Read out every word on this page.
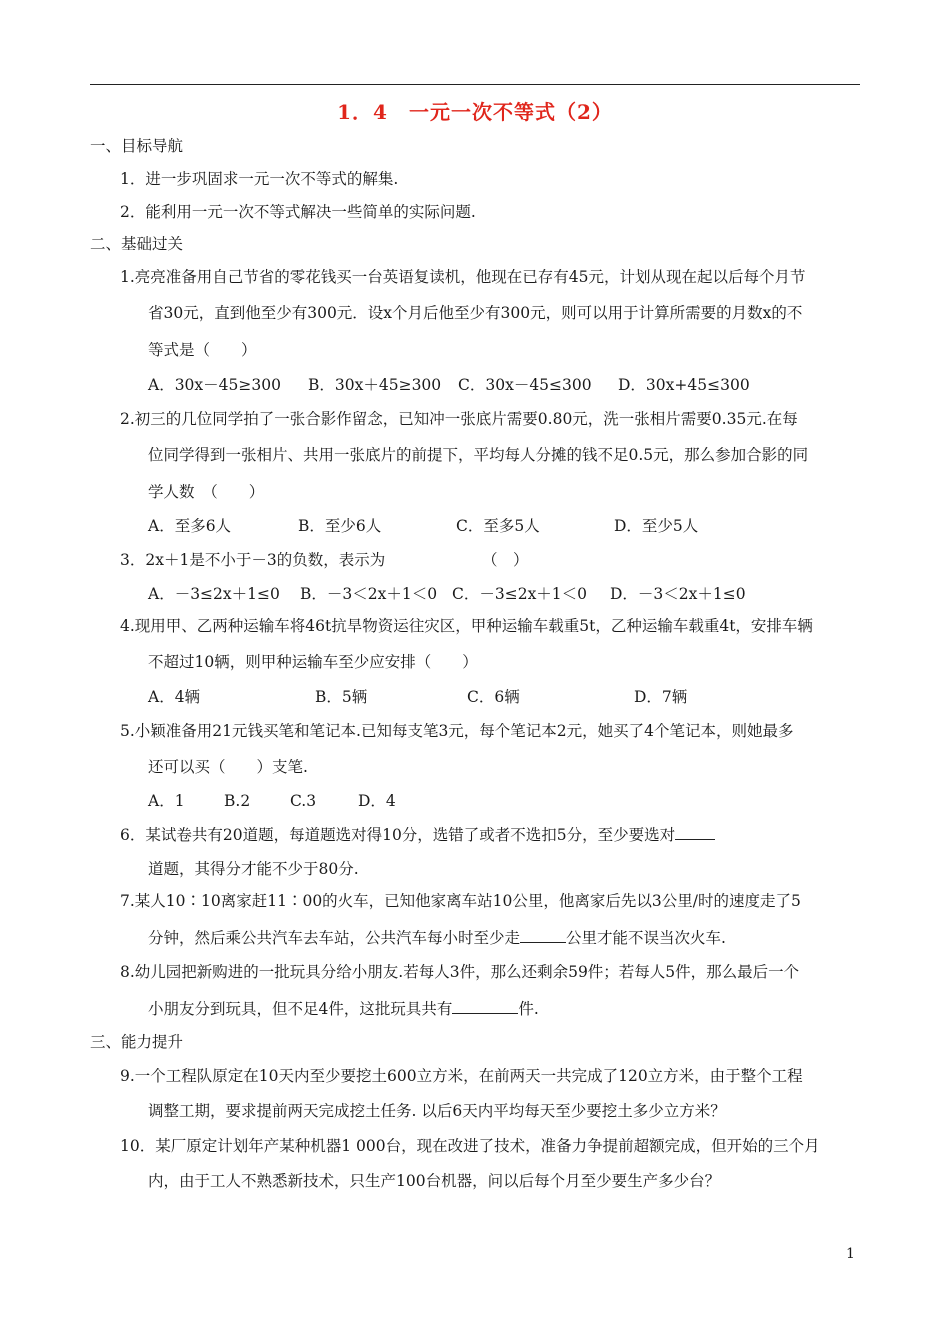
1．4　一元一次不等式（2）
一、目标导航
1．进一步巩固求一元一次不等式的解集.
2．能利用一元一次不等式解决一些简单的实际问题.
二、基础过关
1.亮亮准备用自己节省的零花钱买一台英语复读机，他现在已存有45元，计划从现在起以后每个月节
省30元，直到他至少有300元．设x个月后他至少有300元，则可以用于计算所需要的月数x的不
等式是（　　）
A．30x－45≥300 B．30x＋45≥300 C．30x－45≤300 D．30x+45≤300
2.初三的几位同学拍了一张合影作留念，已知冲一张底片需要0.80元，洗一张相片需要0.35元.在每
位同学得到一张相片、共用一张底片的前提下，平均每人分摊的钱不足0.5元，那么参加合影的同
学人数　（　　）
A．至多6人	B．至少6人	C．至多5人	D．至少5人
3．2x＋1是不小于－3的负数，表示为	（　）
A．－3≤2x＋1≤0 B．－3＜2x＋1＜0 C．－3≤2x＋1＜0 D．－3＜2x＋1≤0
4.现用甲、乙两种运输车将46t抗旱物资运往灾区，甲种运输车载重5t，乙种运输车载重4t，安排车辆
不超过10辆，则甲种运输车至少应安排（　　）
A．4辆	B．5辆	C．6辆	D．7辆
5.小颖准备用21元钱买笔和笔记本.已知每支笔3元，每个笔记本2元，她买了4个笔记本，则她最多
还可以买（　　）支笔.
A．1	B.2	C.3	D．4
6．某试卷共有20道题，每道题选对得10分，选错了或者不选扣5分，至少要选对
道题，其得分才能不少于80分.
7.某人10∶10离家赶11∶00的火车，已知他家离车站10公里，他离家后先以3公里/时的速度走了5
分钟，然后乘公共汽车去车站，公共汽车每小时至少走	公里才能不误当次火车.
8.幼儿园把新购进的一批玩具分给小朋友.若每人3件，那么还剩余59件；若每人5件，那么最后一个
小朋友分到玩具，但不足4件，这批玩具共有	件.
三、能力提升
9.一个工程队原定在10天内至少要挖土600立方米，在前两天一共完成了120立方米，由于整个工程
调整工期，要求提前两天完成挖土任务. 以后6天内平均每天至少要挖土多少立方米？
10．某厂原定计划年产某种机器1 000台，现在改进了技术，准备力争提前超额完成，但开始的三个月
内，由于工人不熟悉新技术，只生产100台机器，问以后每个月至少要生产多少台？
1
